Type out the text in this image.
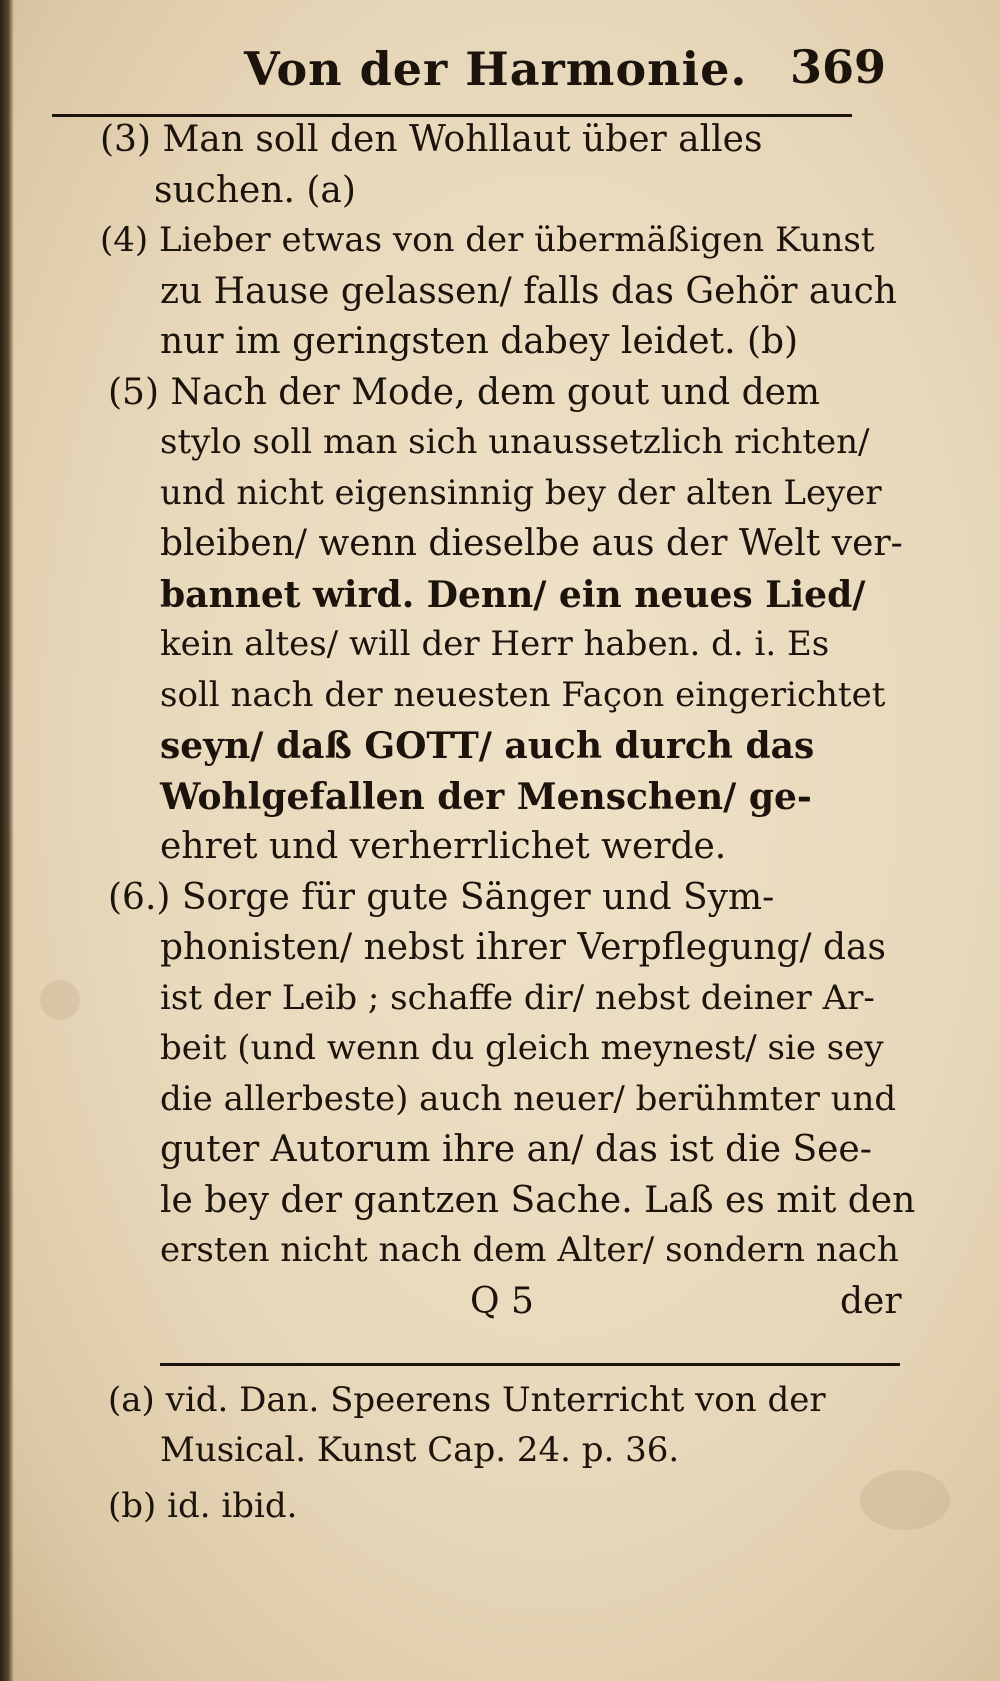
Von der Harmonie. 369
(3) Man soll den Wohllaut über alles
suchen. (a)
(4) Lieber etwas von der übermäßigen Kunst
zu Hause gelassen/ falls das Gehör auch
nur im geringsten dabey leidet. (b)
(5) Nach der Mode, dem gout und dem
stylo soll man sich unaussetzlich richten/
und nicht eigensinnig bey der alten Leyer
bleiben/ wenn dieselbe aus der Welt ver-
bannet wird. Denn/ ein neues Lied/
kein altes/ will der Herr haben. d. i. Es
soll nach der neuesten Façon eingerichtet
seyn/ daß GOTT/ auch durch das
Wohlgefallen der Menschen/ ge-
ehret und verherrlichet werde.
(6.) Sorge für gute Sänger und Sym-
phonisten/ nebst ihrer Verpflegung/ das
ist der Leib ; schaffe dir/ nebst deiner Ar-
beit (und wenn du gleich meynest/ sie sey
die allerbeste) auch neuer/ berühmter und
guter Autorum ihre an/ das ist die See-
le bey der gantzen Sache. Laß es mit den
ersten nicht nach dem Alter/ sondern nach
Q 5	der
(a) vid. Dan. Speerens Unterricht von der
Musical. Kunst Cap. 24. p. 36.
(b) id. ibid.
